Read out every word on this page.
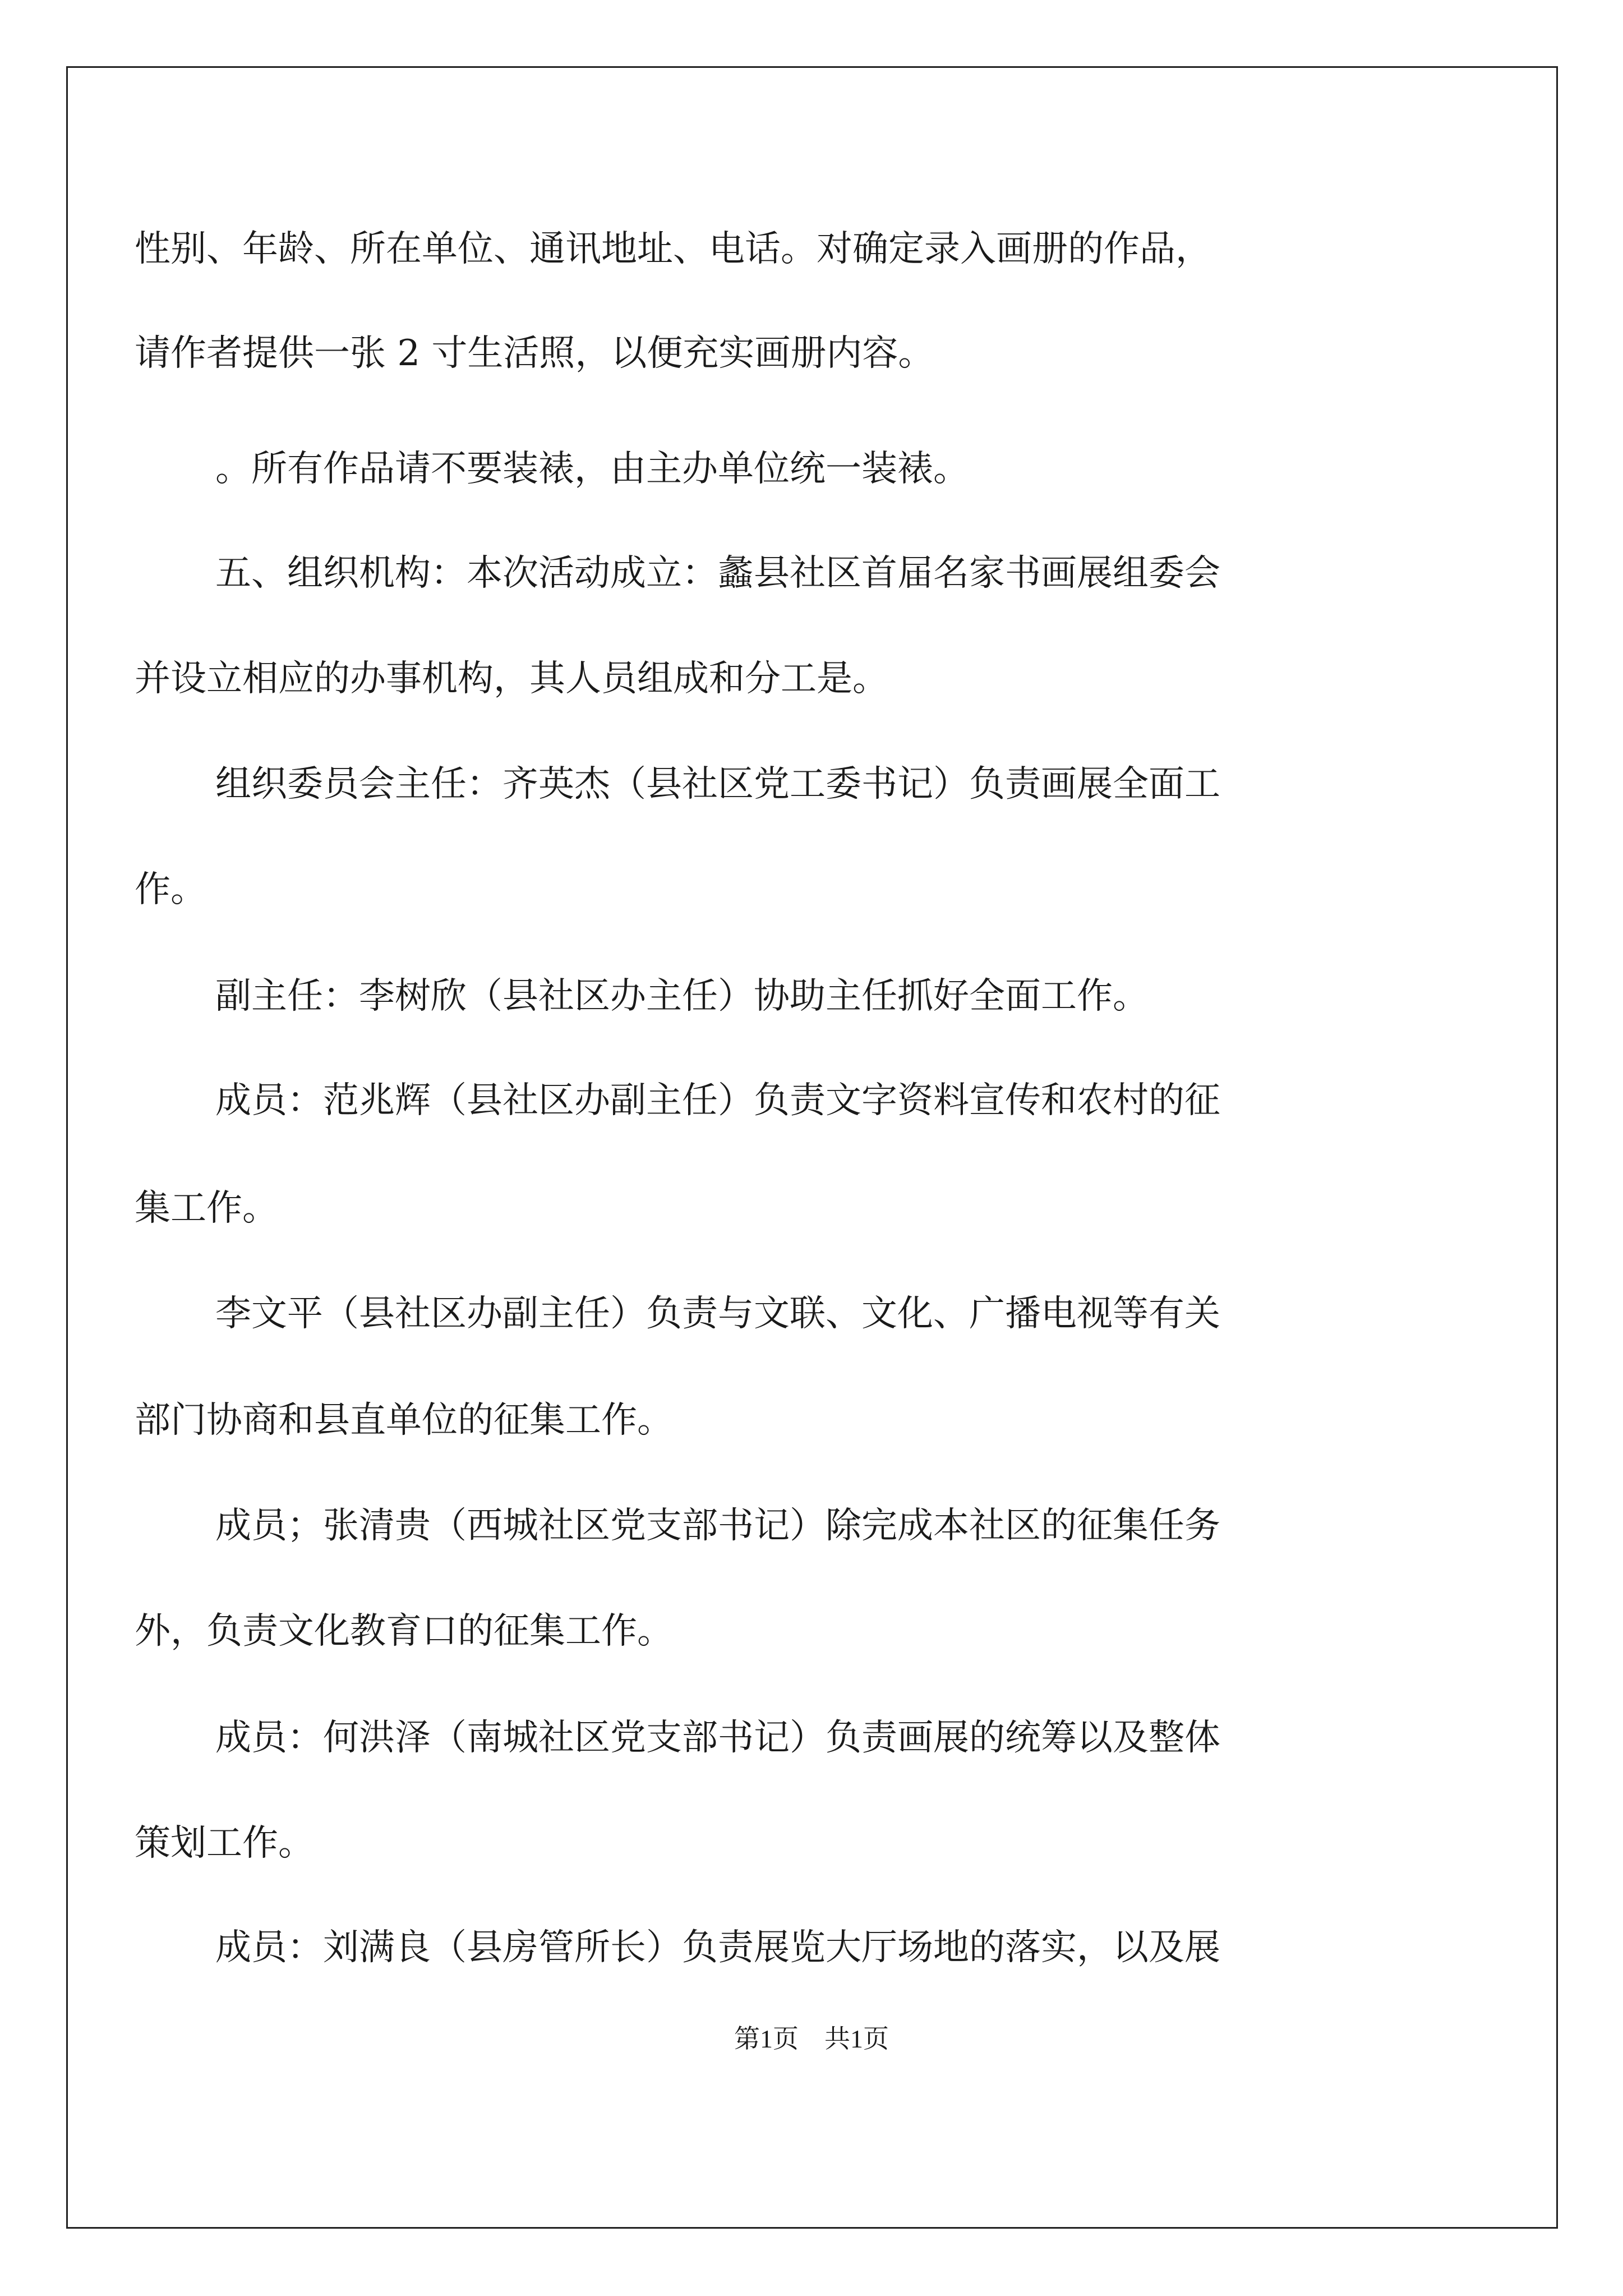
性别、年龄、所在单位、通讯地址、电话。对确定录入画册的作品，
请作者提供一张 2 寸生活照，以便充实画册内容。
。所有作品请不要装裱，由主办单位统一装裱。
五、组织机构：本次活动成立：蠡县社区首届名家书画展组委会
并设立相应的办事机构，其人员组成和分工是。
组织委员会主任：齐英杰（县社区党工委书记）负责画展全面工
作。
副主任：李树欣（县社区办主任）协助主任抓好全面工作。
成员：范兆辉（县社区办副主任）负责文字资料宣传和农村的征
集工作。
李文平（县社区办副主任）负责与文联、文化、广播电视等有关
部门协商和县直单位的征集工作。
成员；张清贵（西城社区党支部书记）除完成本社区的征集任务
外，负责文化教育口的征集工作。
成员：何洪泽（南城社区党支部书记）负责画展的统筹以及整体
策划工作。
成员：刘满良（县房管所长）负责展览大厅场地的落实，以及展
第1页　共1页
